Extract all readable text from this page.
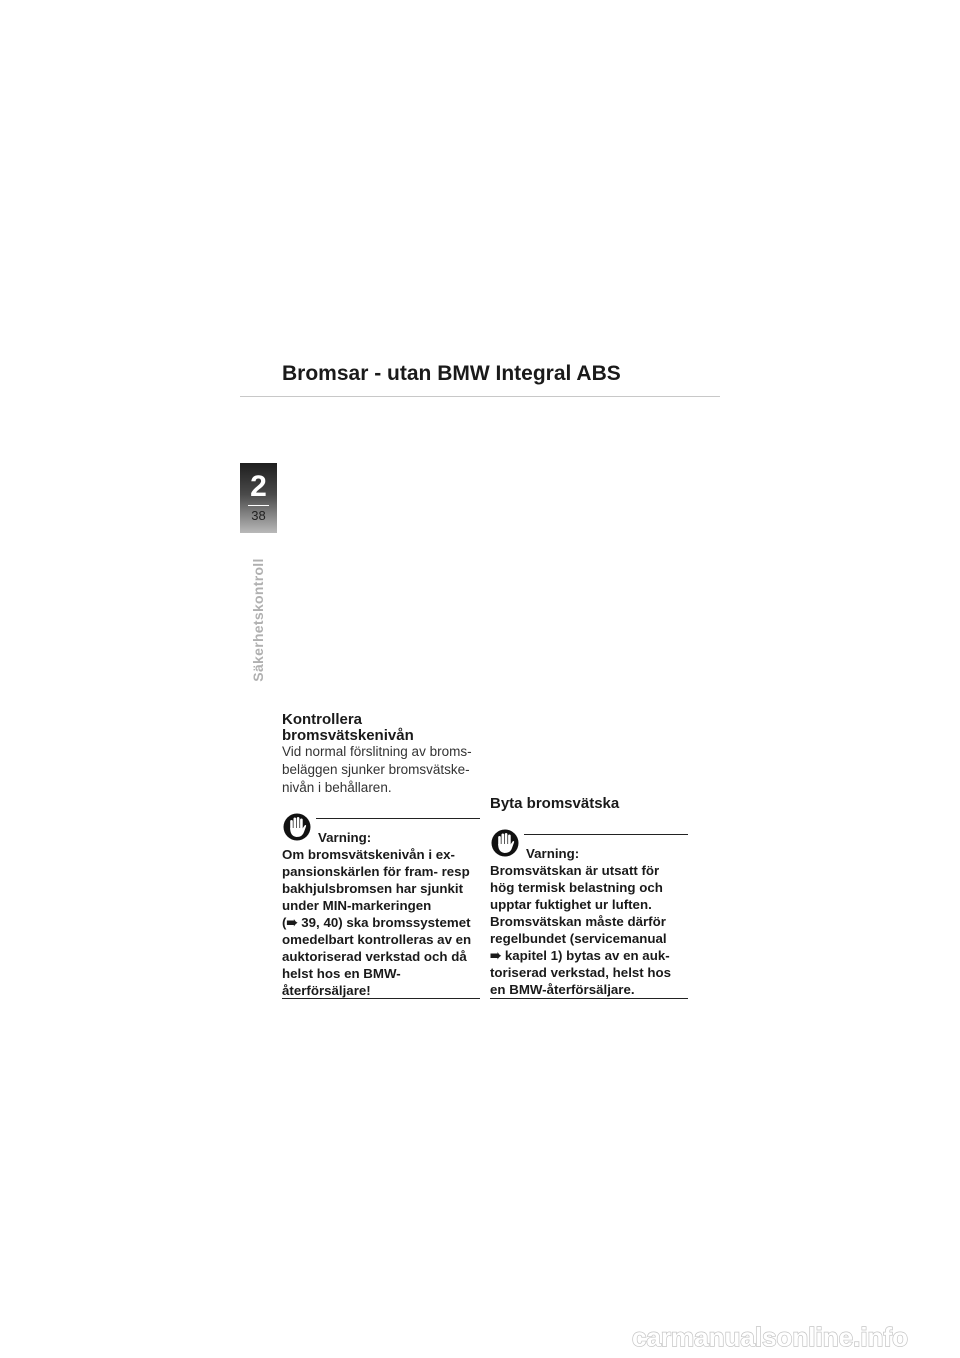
Bromsar - utan BMW Integral ABS
2
38
Säkerhetskontroll
Kontrollera
bromsvätskenivån
Vid normal förslitning av broms-
beläggen sjunker bromsvätske-
nivån i behållaren.
Varning:
Om bromsvätskenivån i ex-
pansionskärlen för fram- resp
bakhjulsbromsen har sjunkit
under MIN-markeringen
(➠ 39, 40) ska bromssystemet
omedelbart kontrolleras av en
auktoriserad verkstad och då
helst hos en BMW-
återförsäljare!
Byta bromsvätska
Varning:
Bromsvätskan är utsatt för
hög termisk belastning och
upptar fuktighet ur luften.
Bromsvätskan måste därför
regelbundet (servicemanual
➠ kapitel 1) bytas av en auk-
toriserad verkstad, helst hos
en BMW-återförsäljare.
carmanualsonline.info
